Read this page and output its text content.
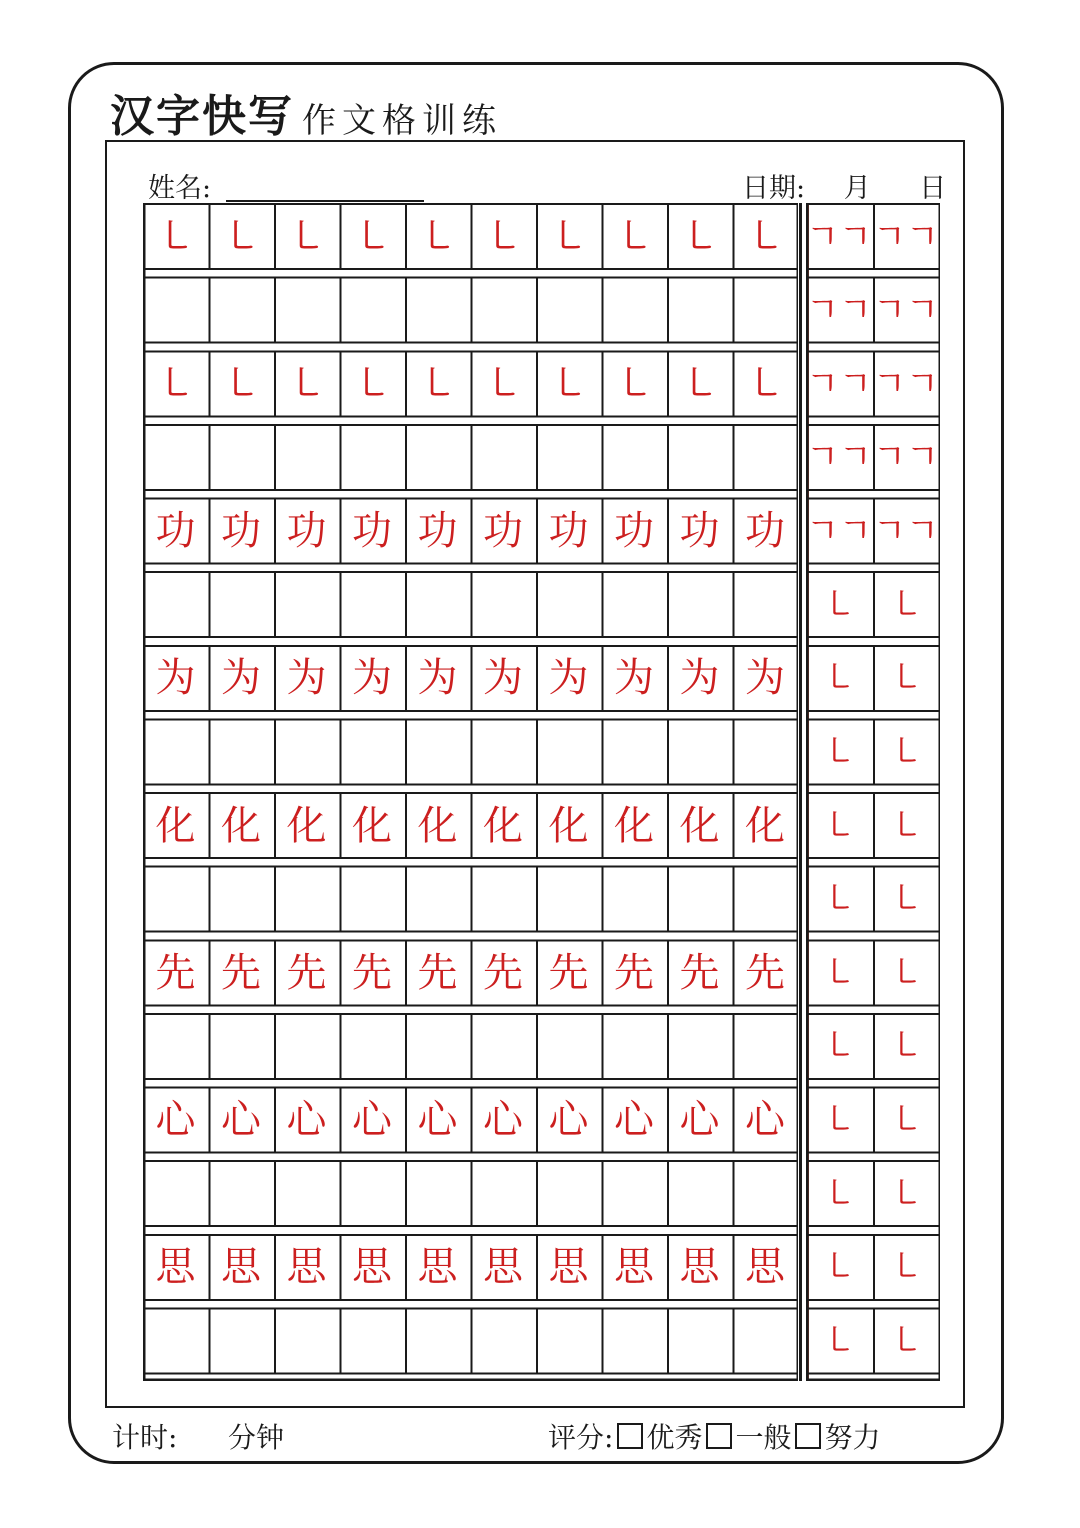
汉字快写 作文格训练
姓名:	日期: 月 日
㇄ ㇄ ㇄ ㇄ ㇄ ㇄ ㇄ ㇄ ㇄ ㇄
㇄ ㇄ ㇄ ㇄ ㇄ ㇄ ㇄ ㇄ ㇄ ㇄
功 功 功 功 功 功 功 功 功 功
为 为 为 为 为 为 为 为 为 为
化 化 化 化 化 化 化 化 化 化
先 先 先 先 先 先 先 先 先 先
心 心 心 心 心 心 心 心 心 心
思 思 思 思 思 思 思 思 思 思
ㄱㄱ ㄱㄱ
ㄱㄱ ㄱㄱ
ㄱㄱ ㄱㄱ
ㄱㄱ ㄱㄱ
ㄱㄱ ㄱㄱ
㇄ ㇄
㇄ ㇄
㇄ ㇄
㇄ ㇄
㇄ ㇄
㇄ ㇄
㇄ ㇄
㇄ ㇄
㇄ ㇄
㇄ ㇄
㇄ ㇄
计时: 分钟	评分: 优秀 一般 努力
